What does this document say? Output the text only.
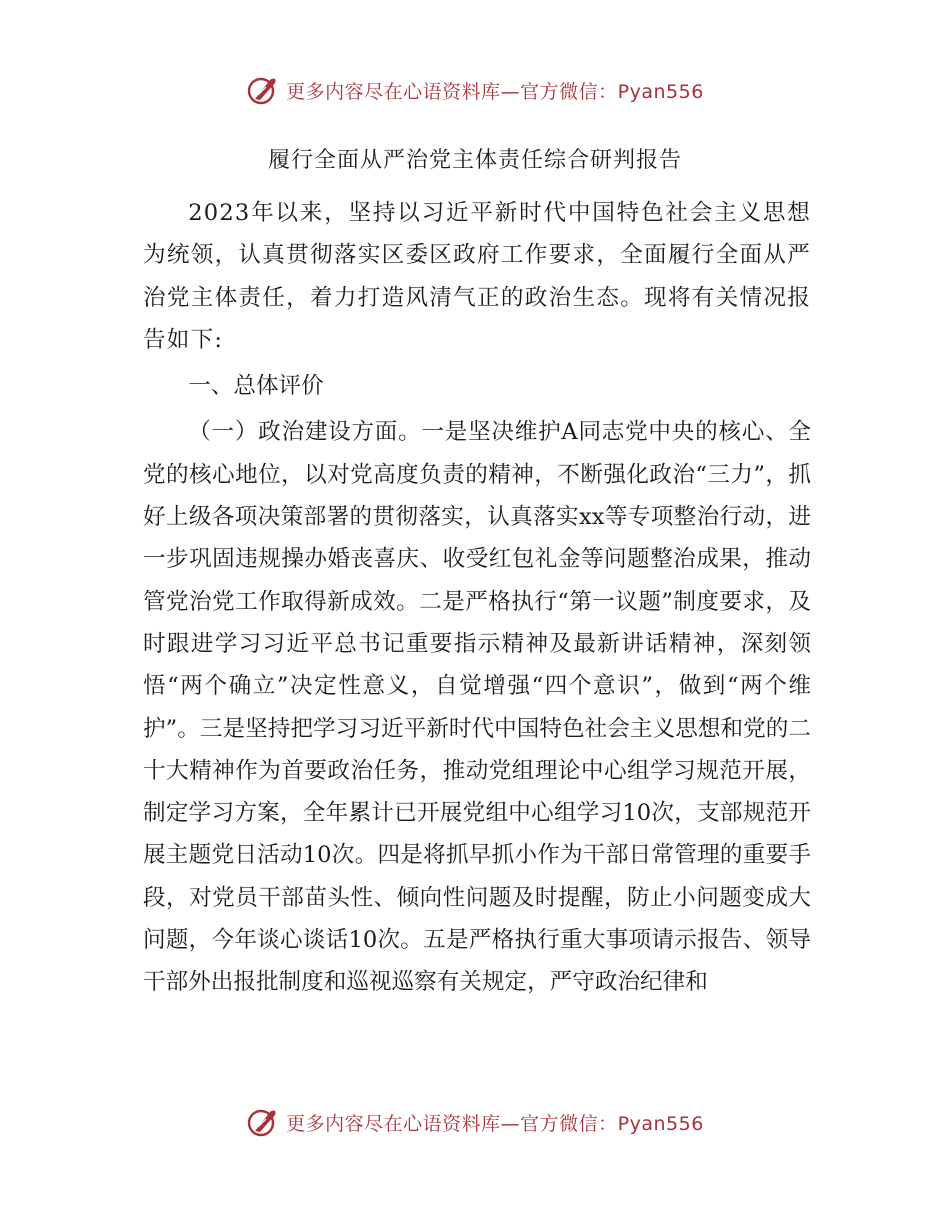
更多内容尽在心语资料库—官方微信：Pyan556
履行全面从严治党主体责任综合研判报告

2023年以来，坚持以习近平新时代中国特色社会主义思想为统领，认真贯彻落实区委区政府工作要求，全面履行全面从严治党主体责任，着力打造风清气正的政治生态。现将有关情况报告如下:

一、总体评价

（一）政治建设方面。一是坚决维护A同志党中央的核心、全党的核心地位，以对党高度负责的精神，不断强化政治“三力”，抓好上级各项决策部署的贯彻落实，认真落实xx等专项整治行动，进一步巩固违规操办婚丧喜庆、收受红包礼金等问题整治成果，推动管党治党工作取得新成效。二是严格执行“第一议题”制度要求，及时跟进学习习近平总书记重要指示精神及最新讲话精神，深刻领悟“两个确立”决定性意义，自觉增强“四个意识”，做到“两个维护”。三是坚持把学习习近平新时代中国特色社会主义思想和党的二十大精神作为首要政治任务，推动党组理论中心组学习规范开展，制定学习方案，全年累计已开展党组中心组学习10次，支部规范开展主题党日活动10次。四是将抓早抓小作为干部日常管理的重要手段，对党员干部苗头性、倾向性问题及时提醒，防止小问题变成大问题，今年谈心谈话10次。五是严格执行重大事项请示报告、领导干部外出报批制度和巡视巡察有关规定，严守政治纪律和

更多内容尽在心语资料库—官方微信：Pyan556
